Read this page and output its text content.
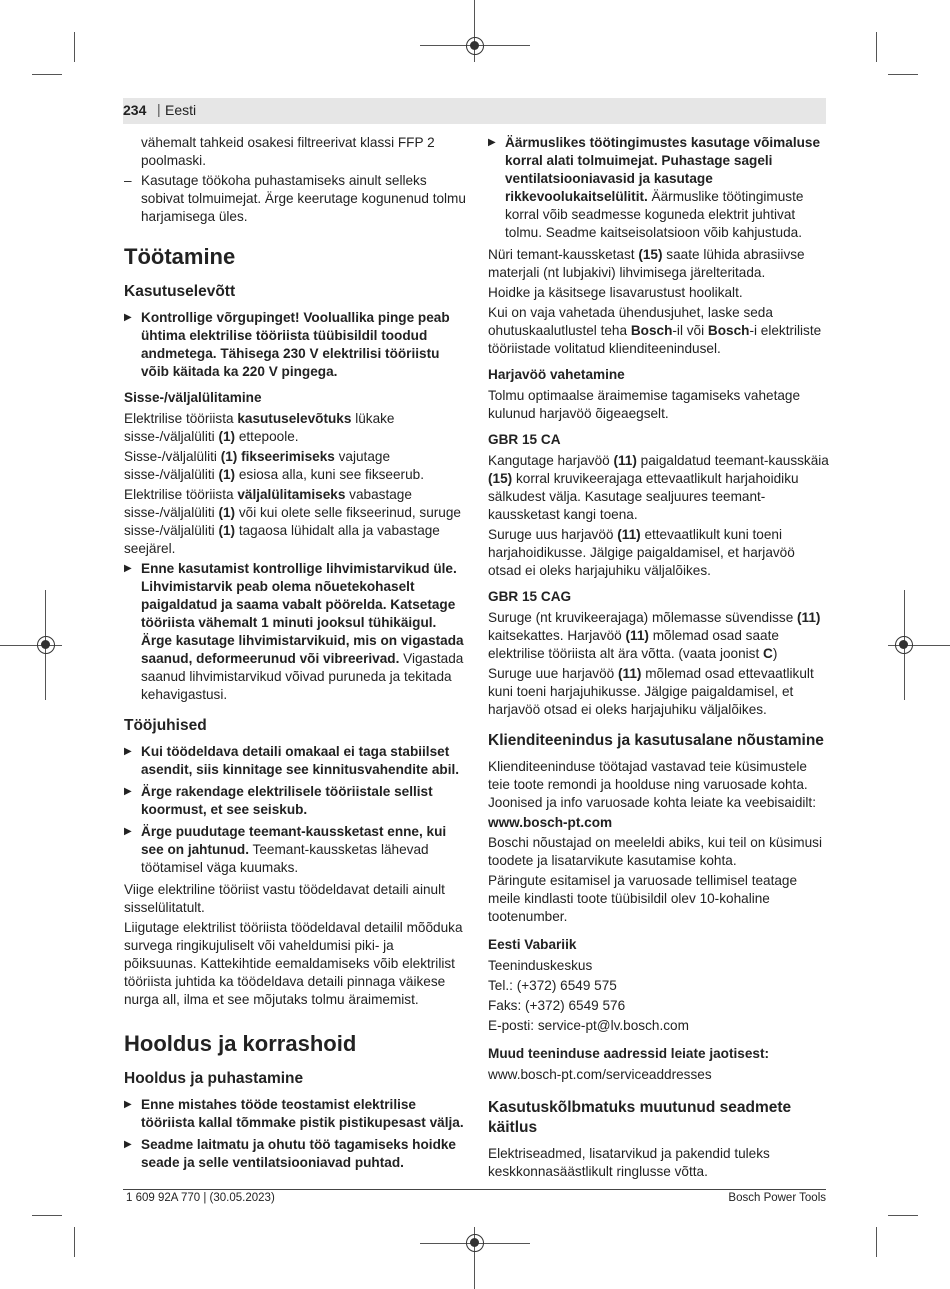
234 | Eesti

vähemalt tahkeid osakesi filtreerivat klassi FFP 2 poolmaski.

– Kasutage töökoha puhastamiseks ainult selleks sobivat tolmuimejat. Ärge keerutage kogunenud tolmu harjamisega üles.
Töötamine
Kasutuselevõtt
▶ Kontrollige võrgupinget! Vooluallika pinge peab ühtima elektrilise tööriista tüübisildil toodud andmetega. Tähisega 230 V elektrilisi tööriistu võib käitada ka 220 V pingega.
Sisse-/väljalülitamine

Elektrilise tööriista kasutuselevõtuks lükake sisse-/väljalüliti (1) ettepoole.

Sisse-/väljalüliti (1) fikseerimiseks vajutage sisse-/väljalüliti (1) esiosa alla, kuni see fikseerub.

Elektrilise tööriista väljalülitamiseks vabastage sisse-/väljalüliti (1) või kui olete selle fikseerinud, suruge sisse-/väljalüliti (1) tagaosa lühidalt alla ja vabastage seejärel.

▶ Enne kasutamist kontrollige lihvimistarvikud üle. Lihvimistarvik peab olema nõuetekohaselt paigaldatud ja saama vabalt pöörelda. Katsetage tööriista vähemalt 1 minuti jooksul tühikäigul. Ärge kasutage lihvimistarvikuid, mis on vigastada saanud, deformeerunud või vibreerivad. Vigastada saanud lihvimistarvikud võivad puruneda ja tekitada kehavigastusi.
Tööjuhised
▶ Kui töödeldava detaili omakaal ei taga stabiilset asendit, siis kinnitage see kinnitusvahendite abil.
▶ Ärge rakendage elektrilisele tööriistale sellist koormust, et see seiskub.
▶ Ärge puudutage teemant-kaussketast enne, kui see on jahtunud. Teemant-kaussketas lähevad töötamisel väga kuumaks.

Viige elektriline tööriist vastu töödeldavat detaili ainult sisselülitatult.

Liigutage elektrilist tööriista töödeldaval detailil mõõduka survega ringikujuliselt või vaheldumisi piki- ja põiksuunas. Kattekihtide eemaldamiseks võib elektrilist tööriista juhtida ka töödeldava detaili pinnaga väikese nurga all, ilma et see mõjutaks tolmu äraimemist.

Hooldus ja korrashoid
Hooldus ja puhastamine
▶ Enne mistahes tööde teostamist elektrilise tööriista kallal tõmmake pistik pistikupesast välja.
▶ Seadme laitmatu ja ohutu töö tagamiseks hoidke seade ja selle ventilatsiooniavad puhtad.
▶ Äärmuslikes töötingimustes kasutage võimaluse korral alati tolmuimejat. Puhastage sageli ventilatsiooniavasid ja kasutage rikkevoolukaitselülitit. Äärmuslike töötingimuste korral võib seadmesse koguneda elektrit juhtivat tolmu. Seadme kaitseisolatsioon võib kahjustuda.

Nüri temant-kaussketast (15) saate lühida abrasiivse materjali (nt lubjakivi) lihvimisega järelteritada.

Hoidke ja käsitsege lisavarustust hoolikalt.

Kui on vaja vahetada ühendusjuhet, laske seda ohutuskaalutlustel teha Bosch-il või Bosch-i elektriliste tööriistade volitatud klienditeenindusel.

Harjavöö vahetamine

Tolmu optimaalse äraimemise tagamiseks vahetage kulunud harjavöö õigeaegselt.

GBR 15 CA

Kangutage harjavöö (11) paigaldatud teemant-kausskäia (15) korral kruvikeerajaga ettevaatlikult harjahoidiku sälkudest välja. Kasutage sealjuures teemant-kaussketast kangi toena.

Suruge uus harjavöö (11) ettevaatlikult kuni toeni harjahoidikusse. Jälgige paigaldamisel, et harjavöö otsad ei oleks harjajuhiku väljalõikes.

GBR 15 CAG

Suruge (nt kruvikeerajaga) mõlemasse süvendisse (11) kaitsekattes. Harjavöö (11) mõlemad osad saate elektrilise tööriista alt ära võtta. (vaata joonist C)

Suruge uue harjavöö (11) mõlemad osad ettevaatlikult kuni toeni harjajuhikusse. Jälgige paigaldamisel, et harjavöö otsad ei oleks harjajuhiku väljalõikes.

Klienditeenindus ja kasutusalane nõustamine

Klienditeeninduse töötajad vastavad teie küsimustele teie toote remondi ja hoolduse ning varuosade kohta. Joonised ja info varuosade kohta leiate ka veebisaidilt:

www.bosch-pt.com

Boschi nõustajad on meeleldi abiks, kui teil on küsimusi toodete ja lisatarvikute kasutamise kohta.

Päringute esitamisel ja varuosade tellimisel teatage meile kindlasti toote tüübisildil olev 10-kohaline tootenumber.

Eesti Vabariik

Teeninduskeskus

Tel.: (+372) 6549 575

Faks: (+372) 6549 576

E-posti: service-pt@lv.bosch.com

Muud teeninduse aadressid leiate jaotisest:

www.bosch-pt.com/serviceaddresses

Kasutuskõlbmatuks muutunud seadmete käitlus

Elektriseadmed, lisatarvikud ja pakendid tuleks keskkonnasäästlikult ringlusse võtta.

1 609 92A 770 | (30.05.2023)	Bosch Power Tools
